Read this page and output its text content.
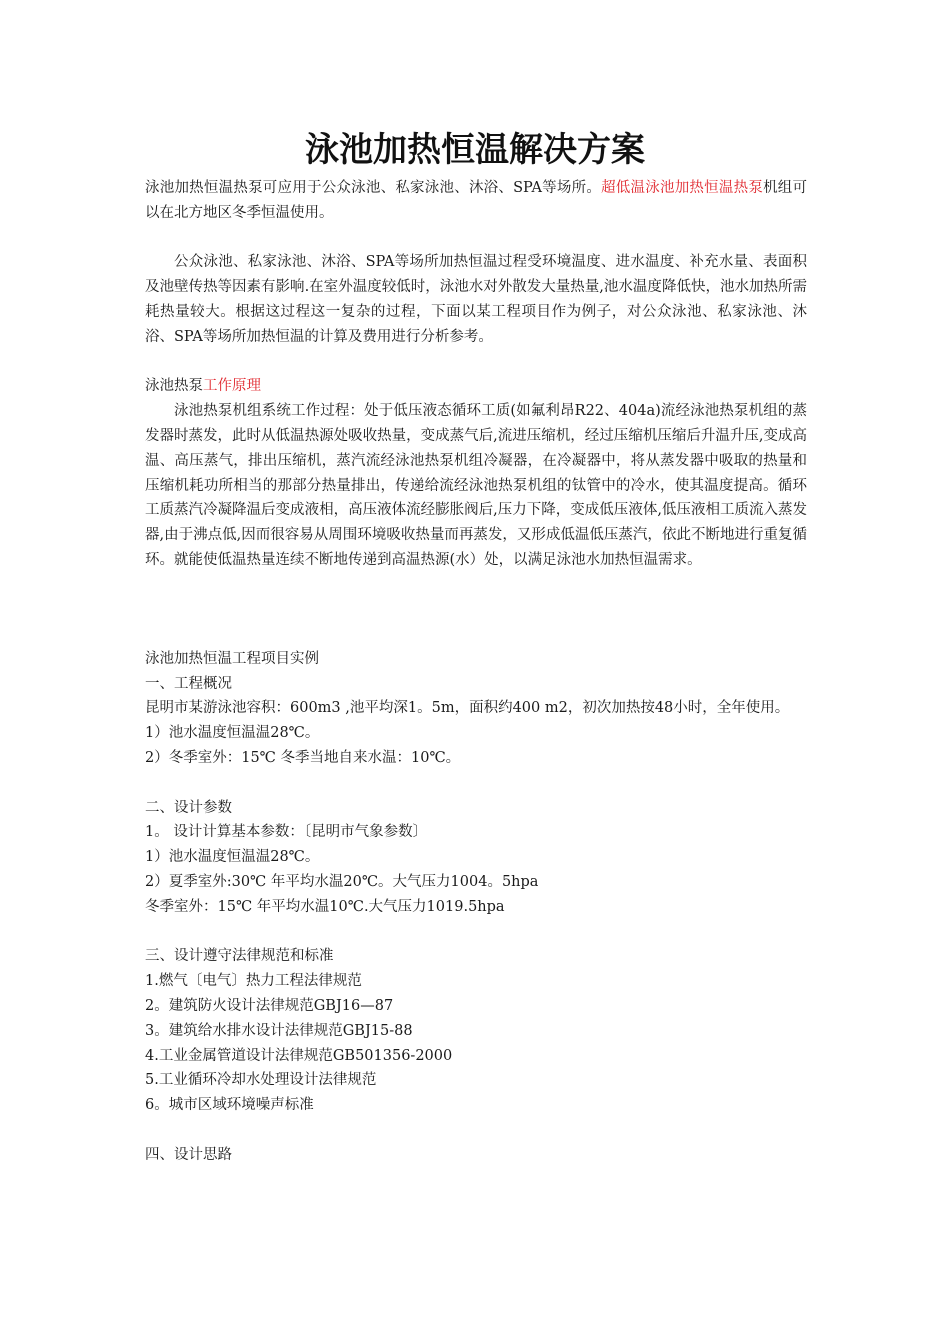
泳池加热恒温解决方案

泳池加热恒温热泵可应用于公众泳池、私家泳池、沐浴、SPA等场所。超低温泳池加热恒温热泵机组可以在北方地区冬季恒温使用。

公众泳池、私家泳池、沐浴、SPA等场所加热恒温过程受环境温度、进水温度、补充水量、表面积及池壁传热等因素有影响.在室外温度较低时，泳池水对外散发大量热量,池水温度降低快，池水加热所需耗热量较大。根据这过程这一复杂的过程，下面以某工程项目作为例子，对公众泳池、私家泳池、沐浴、SPA等场所加热恒温的计算及费用进行分析参考。

泳池热泵工作原理

泳池热泵机组系统工作过程：处于低压液态循环工质(如氟利昂R22、404a)流经泳池热泵机组的蒸发器时蒸发，此时从低温热源处吸收热量，变成蒸气后,流进压缩机，经过压缩机压缩后升温升压,变成高温、高压蒸气，排出压缩机，蒸汽流经泳池热泵机组冷凝器，在冷凝器中，将从蒸发器中吸取的热量和压缩机耗功所相当的那部分热量排出，传递给流经泳池热泵机组的钛管中的冷水，使其温度提高。循环工质蒸汽冷凝降温后变成液相，高压液体流经膨胀阀后,压力下降，变成低压液体,低压液相工质流入蒸发器,由于沸点低,因而很容易从周围环境吸收热量而再蒸发，又形成低温低压蒸汽，依此不断地进行重复循环。就能使低温热量连续不断地传递到高温热源(水）处，以满足泳池水加热恒温需求。

泳池加热恒温工程项目实例

一、工程概况

昆明市某游泳池容积：600m3 ,池平均深1。5m，面积约400 m2，初次加热按48小时，全年使用。

1）池水温度恒温温28℃。

2）冬季室外：15℃ 冬季当地自来水温：10℃。

二、设计参数

1。 设计计算基本参数：〔昆明市气象参数〕

1）池水温度恒温温28℃。

2）夏季室外:30℃ 年平均水温20℃。大气压力1004。5hpa

冬季室外：15℃ 年平均水温10℃.大气压力1019.5hpa

三、设计遵守法律规范和标准

1.燃气〔电气〕热力工程法律规范

2。建筑防火设计法律规范GBJ16—87

3。建筑给水排水设计法律规范GBJ15-88

4.工业金属管道设计法律规范GB501356-2000

5.工业循环冷却水处理设计法律规范

6。城市区域环境噪声标准

四、设计思路
